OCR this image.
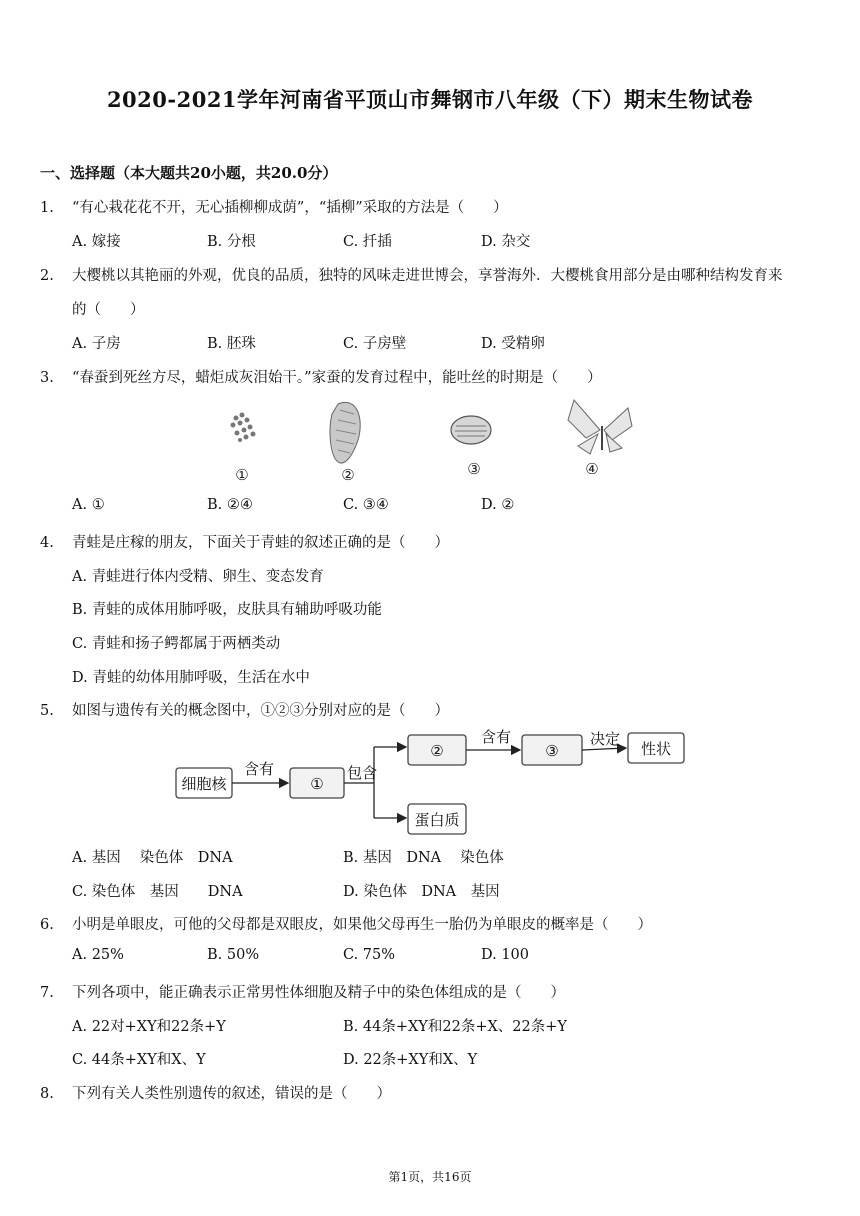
2020-2021学年河南省平顶山市舞钢市八年级（下）期末生物试卷
一、选择题（本大题共20小题，共20.0分）
1. “有心栽花花不开，无心插柳柳成荫”，“插柳”采取的方法是（　　）
A. 嫁接	B. 分根	C. 扦插	D. 杂交
2. 大樱桃以其艳丽的外观，优良的品质，独特的风味走进世博会，享誉海外．大樱桃食用部分是由哪种结构发育来
的（　　）
A. 子房	B. 胚珠	C. 子房壁	D. 受精卵
3. “春蚕到死丝方尽，蜡炬成灰泪始干。”家蚕的发育过程中，能吐丝的时期是（　　）
①	②	③	④
A. ①	B. ②④	C. ③④	D. ②
4. 青蛙是庄稼的朋友，下面关于青蛙的叙述正确的是（　　）
A. 青蛙进行体内受精、卵生、变态发育
B. 青蛙的成体用肺呼吸，皮肤具有辅助呼吸功能
C. 青蛙和扬子鳄都属于两栖类动
D. 青蛙的幼体用肺呼吸，生活在水中
5. 如图与遗传有关的概念图中，①②③分别对应的是（　　）
细胞核	①
②	③	性状
蛋白质
含有	包含
含有	决定
A. 基因　 染色体　DNA	B. 基因　DNA　 染色体
C. 染色体　基因　　DNA	D. 染色体　DNA　基因
6. 小明是单眼皮，可他的父母都是双眼皮，如果他父母再生一胎仍为单眼皮的概率是（　　）
A. 25%	B. 50%	C. 75%	D. 100
7. 下列各项中，能正确表示正常男性体细胞及精子中的染色体组成的是（　　）
A. 22对+XY和22条+Y	B. 44条+XY和22条+X、22条+Y
C. 44条+XY和X、Y	D. 22条+XY和X、Y
8. 下列有关人类性别遗传的叙述，错误的是（　　）
第1页，共16页
